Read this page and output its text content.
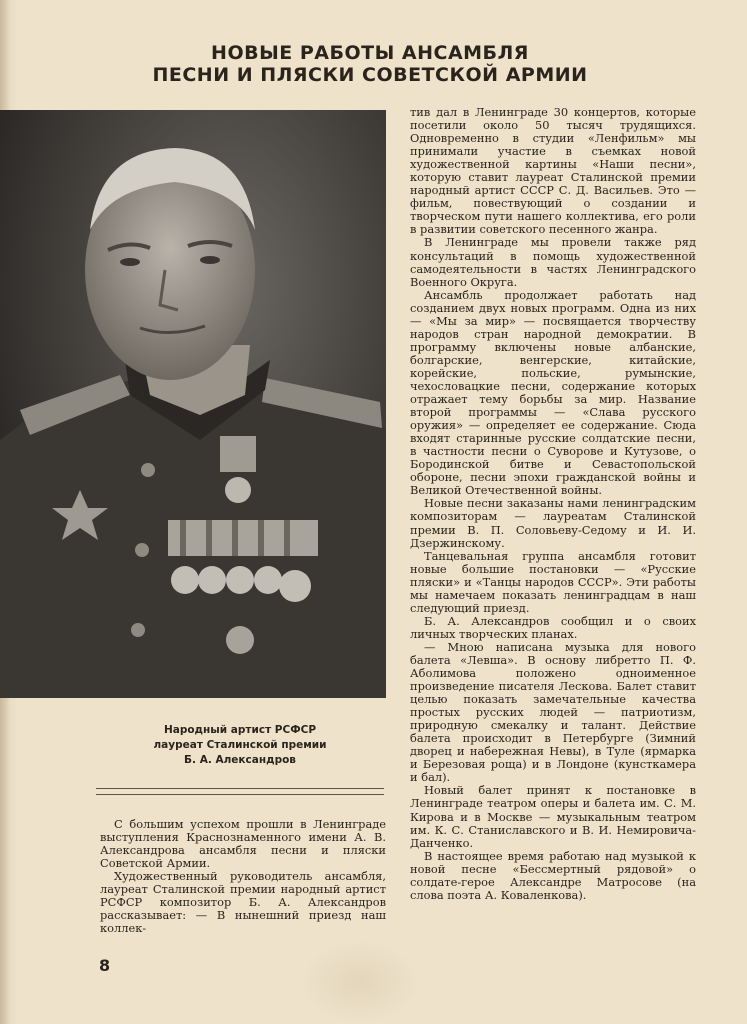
НОВЫЕ РАБОТЫ АНСАМБЛЯ
ПЕСНИ И ПЛЯСКИ СОВЕТСКОЙ АРМИИ
Народный артист РСФСР
лауреат Сталинской премии
Б. А. Александров

С большим успехом прошли в Ленинграде выступления Краснознаменного имени А. В. Александрова ансамбля песни и пляски Советской Армии.

Художественный руководитель ансамбля, лауреат Сталинской премии народный артист РСФСР композитор Б. А. Александров рассказывает: — В нынешний приезд наш коллек-

тив дал в Ленинграде 30 концертов, которые посетили около 50 тысяч трудящихся. Одновременно в студии «Ленфильм» мы принимали участие в съемках новой художественной картины «Наши песни», которую ставит лауреат Сталинской премии народный артист СССР С. Д. Васильев. Это — фильм, повествующий о создании и творческом пути нашего коллектива, его роли в развитии советского песенного жанра.

В Ленинграде мы провели также ряд консультаций в помощь художественной самодеятельности в частях Ленинградского Военного Округа.

Ансамбль продолжает работать над созданием двух новых программ. Одна из них — «Мы за мир» — посвящается творчеству народов стран народной демократии. В программу включены новые албанские, болгарские, венгерские, китайские, корейские, польские, румынские, чехословацкие песни, содержание которых отражает тему борьбы за мир. Название второй программы — «Слава русского оружия» — определяет ее содержание. Сюда входят старинные русские солдатские песни, в частности песни о Суворове и Кутузове, о Бородинской битве и Севастопольской обороне, песни эпохи гражданской войны и Великой Отечественной войны.

Новые песни заказаны нами ленинградским композиторам — лауреатам Сталинской премии В. П. Соловьеву-Седому и И. И. Дзержинскому.

Танцевальная группа ансамбля готовит новые большие постановки — «Русские пляски» и «Танцы народов СССР». Эти работы мы намечаем показать ленинградцам в наш следующий приезд.

Б. А. Александров сообщил и о своих личных творческих планах.

— Мною написана музыка для нового балета «Левша». В основу либретто П. Ф. Аболимова положено одноименное произведение писателя Лескова. Балет ставит целью показать замечательные качества простых русских людей — патриотизм, природную смекалку и талант. Действие балета происходит в Петербурге (Зимний дворец и набережная Невы), в Туле (ярмарка и Березовая роща) и в Лондоне (кунсткамера и бал).

Новый балет принят к постановке в Ленинграде театром оперы и балета им. С. М. Кирова и в Москве — музыкальным театром им. К. С. Станиславского и В. И. Немировича-Данченко.

В настоящее время работаю над музыкой к новой песне «Бессмертный рядовой» о солдате-герое Александре Матросове (на слова поэта А. Коваленкова).

8
